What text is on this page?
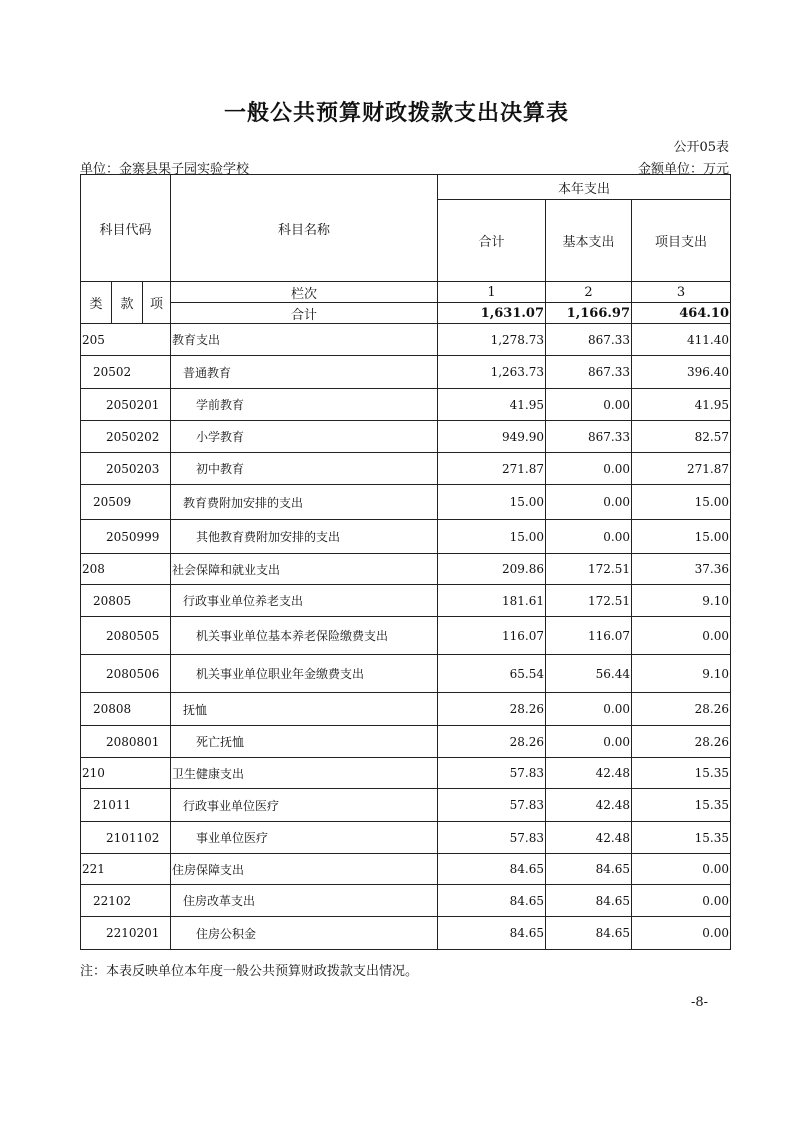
一般公共预算财政拨款支出决算表
公开05表
单位：金寨县果子园实验学校	金额单位：万元
科目代码			科目名称	本年支出		
				合计	基本支出	项目支出
类	款	项	栏次	1	2	3
			合计	1,631.07	1,166.97	464.10
205			教育支出	1,278.73	867.33	411.40
20502			普通教育	1,263.73	867.33	396.40
2050201			学前教育	41.95	0.00	41.95
2050202			小学教育	949.90	867.33	82.57
2050203			初中教育	271.87	0.00	271.87
20509			教育费附加安排的支出	15.00	0.00	15.00
2050999			其他教育费附加安排的支出	15.00	0.00	15.00
208			社会保障和就业支出	209.86	172.51	37.36
20805			行政事业单位养老支出	181.61	172.51	9.10
2080505			机关事业单位基本养老保险缴费支出	116.07	116.07	0.00
2080506			机关事业单位职业年金缴费支出	65.54	56.44	9.10
20808			抚恤	28.26	0.00	28.26
2080801			死亡抚恤	28.26	0.00	28.26
210			卫生健康支出	57.83	42.48	15.35
21011			行政事业单位医疗	57.83	42.48	15.35
2101102			事业单位医疗	57.83	42.48	15.35
221			住房保障支出	84.65	84.65	0.00
22102			住房改革支出	84.65	84.65	0.00
2210201			住房公积金	84.65	84.65	0.00
注：本表反映单位本年度一般公共预算财政拨款支出情况。
-8-
